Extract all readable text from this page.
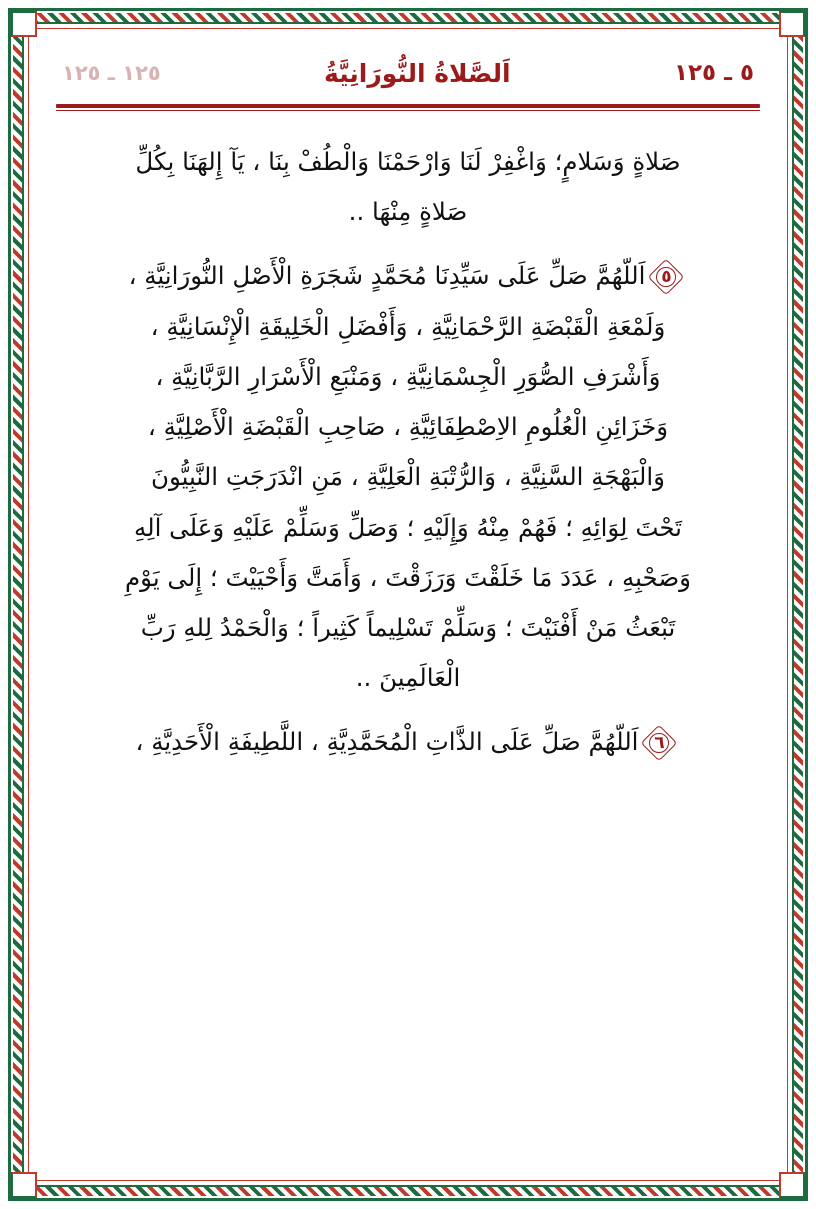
٥ ـ ١٢٥
اَلصَّلاةُ النُّورَانِيَّةُ
١٢٥ ـ ١٢٥
صَلاةٍ وَسَلامٍ؛ وَاغْفِرْ لَنَا وَارْحَمْنَا وَالْطُفْ بِنَا ، يَآ إِلهَنَا بِكُلِّ
صَلاةٍ مِنْهَا ..
٥اَللّهُمَّ صَلِّ عَلَى سَيِّدِنَا مُحَمَّدٍ شَجَرَةِ الْأَصْلِ النُّورَانِيَّةِ ،
وَلَمْعَةِ الْقَبْضَةِ الرَّحْمَانِيَّةِ ، وَأَفْضَلِ الْخَلِيقَةِ الْإِنْسَانِيَّةِ ،
وَأَشْرَفِ الصُّوَرِ الْجِسْمَانِيَّةِ ، وَمَنْبَعِ الْأَسْرَارِ الرَّبَّانِيَّةِ ،
وَخَزَائِنِ الْعُلُومِ الاِصْطِفَائِيَّةِ ، صَاحِبِ الْقَبْضَةِ الْأَصْلِيَّةِ ،
وَالْبَهْجَةِ السَّنِيَّةِ ، وَالرُّتْبَةِ الْعَلِيَّةِ ، مَنِ انْدَرَجَتِ النَّبِيُّونَ
تَحْتَ لِوَائِهِ ؛ فَهُمْ مِنْهُ وَإِلَيْهِ ؛ وَصَلِّ وَسَلِّمْ عَلَيْهِ وَعَلَى آلِهِ
وَصَحْبِهِ ، عَدَدَ مَا خَلَقْتَ وَرَزَقْتَ ، وَأَمَتَّ وَأَحْيَيْتَ ؛ إِلَى يَوْمِ
تَبْعَثُ مَنْ أَفْنَيْتَ ؛ وَسَلِّمْ تَسْلِيماً كَثِيراً ؛ وَالْحَمْدُ لِلهِ رَبِّ
الْعَالَمِينَ ..
٦اَللّهُمَّ صَلِّ عَلَى الذَّاتِ الْمُحَمَّدِيَّةِ ، اللَّطِيفَةِ الْأَحَدِيَّةِ ،
